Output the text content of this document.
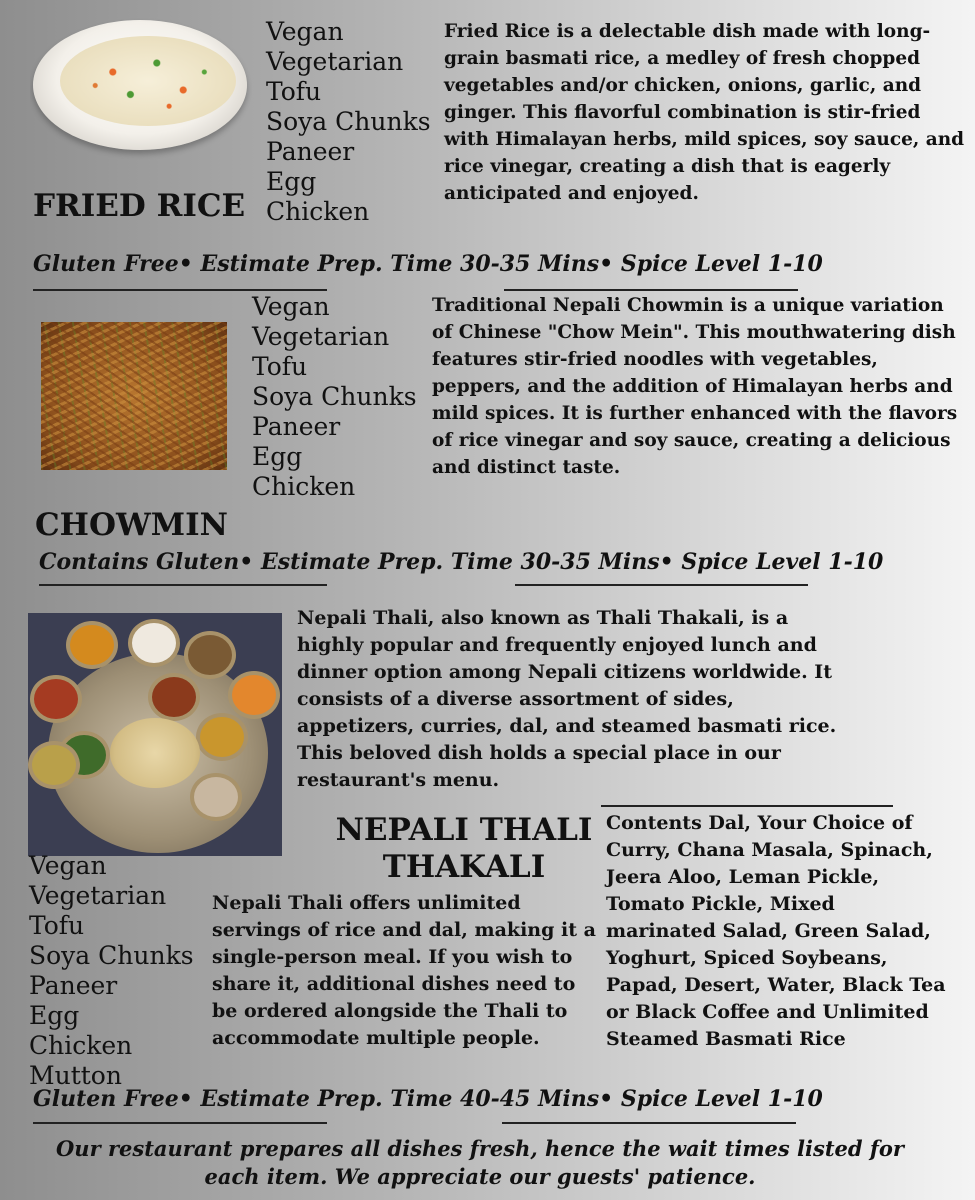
Vegan
Vegetarian
Tofu
Soya Chunks
Paneer
Egg
Chicken
Fried Rice is a delectable dish made with long-grain basmati rice, a medley of fresh chopped vegetables and/or chicken, onions, garlic, and ginger. This flavorful combination is stir-fried with Himalayan herbs, mild spices, soy sauce, and rice vinegar, creating a dish that is eagerly anticipated and enjoyed.
FRIED RICE
Gluten Free• Estimate Prep. Time 30-35 Mins• Spice Level 1-10
Vegan
Vegetarian
Tofu
Soya Chunks
Paneer
Egg
Chicken
Traditional Nepali Chowmin is a unique variation of Chinese "Chow Mein". This mouthwatering dish features stir-fried noodles with vegetables, peppers, and the addition of Himalayan herbs and mild spices. It is further enhanced with the flavors of rice vinegar and soy sauce, creating a delicious and distinct taste.
CHOWMIN
Contains Gluten• Estimate Prep. Time 30-35 Mins• Spice Level 1-10
Nepali Thali, also known as Thali Thakali, is a highly popular and frequently enjoyed lunch and dinner option among Nepali citizens worldwide. It consists of a diverse assortment of sides, appetizers, curries, dal, and steamed basmati rice. This beloved dish holds a special place in our restaurant's menu.
NEPALI THALI
THAKALI
Contents Dal, Your Choice of Curry, Chana Masala, Spinach, Jeera Aloo, Leman Pickle, Tomato Pickle, Mixed marinated Salad, Green Salad, Yoghurt, Spiced Soybeans, Papad, Desert, Water, Black Tea or Black Coffee and Unlimited Steamed Basmati Rice
Vegan
Vegetarian
Tofu
Soya Chunks
Paneer
Egg
Chicken
Mutton
Nepali Thali offers unlimited servings of rice and dal, making it a single-person meal. If you wish to share it, additional dishes need to be ordered alongside the Thali to accommodate multiple people.
Gluten Free• Estimate Prep. Time 40-45 Mins• Spice Level 1-10
Our restaurant prepares all dishes fresh, hence the wait times listed for each item. We appreciate our guests' patience.
